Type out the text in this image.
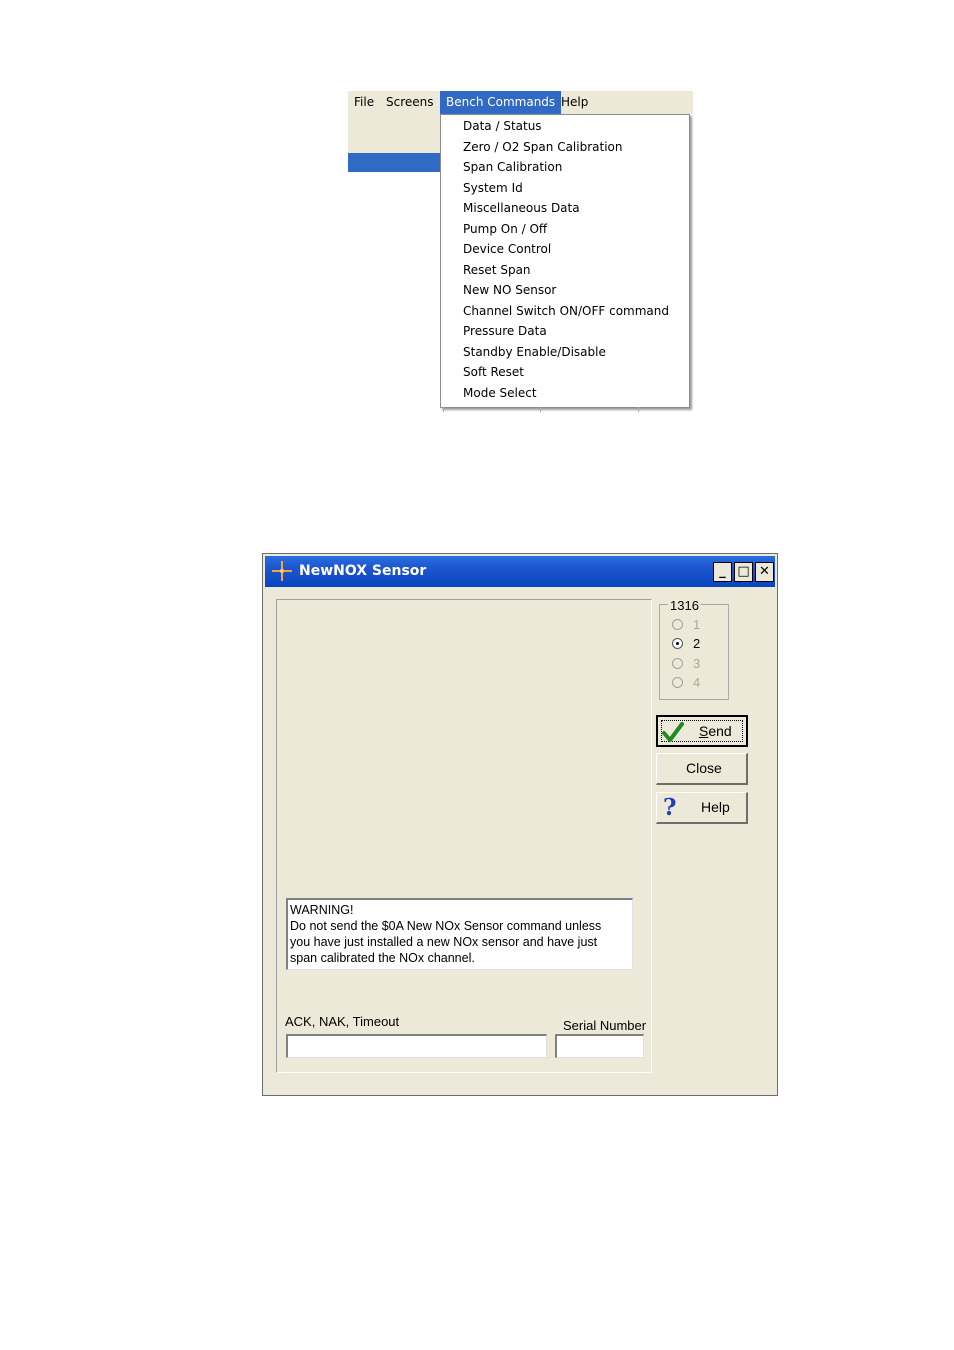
File Screens	Bench Commands Help
Data / Status
Zero / O2 Span Calibration
Span Calibration
System Id
Miscellaneous Data
Pump On / Off
Device Control
Reset Span
New NO Sensor
Channel Switch ON/OFF command
Pressure Data
Standby Enable/Disable
Soft Reset
Mode Select
NewNOX Sensor	_ □ ✕
WARNING!
Do not send the $0A New NOx Sensor command unless
you have just installed a new NOx sensor and have just
span calibrated the NOx channel.
ACK, NAK, Timeout	Serial Number
1316
1
2
3
4
Send
Close
? Help
